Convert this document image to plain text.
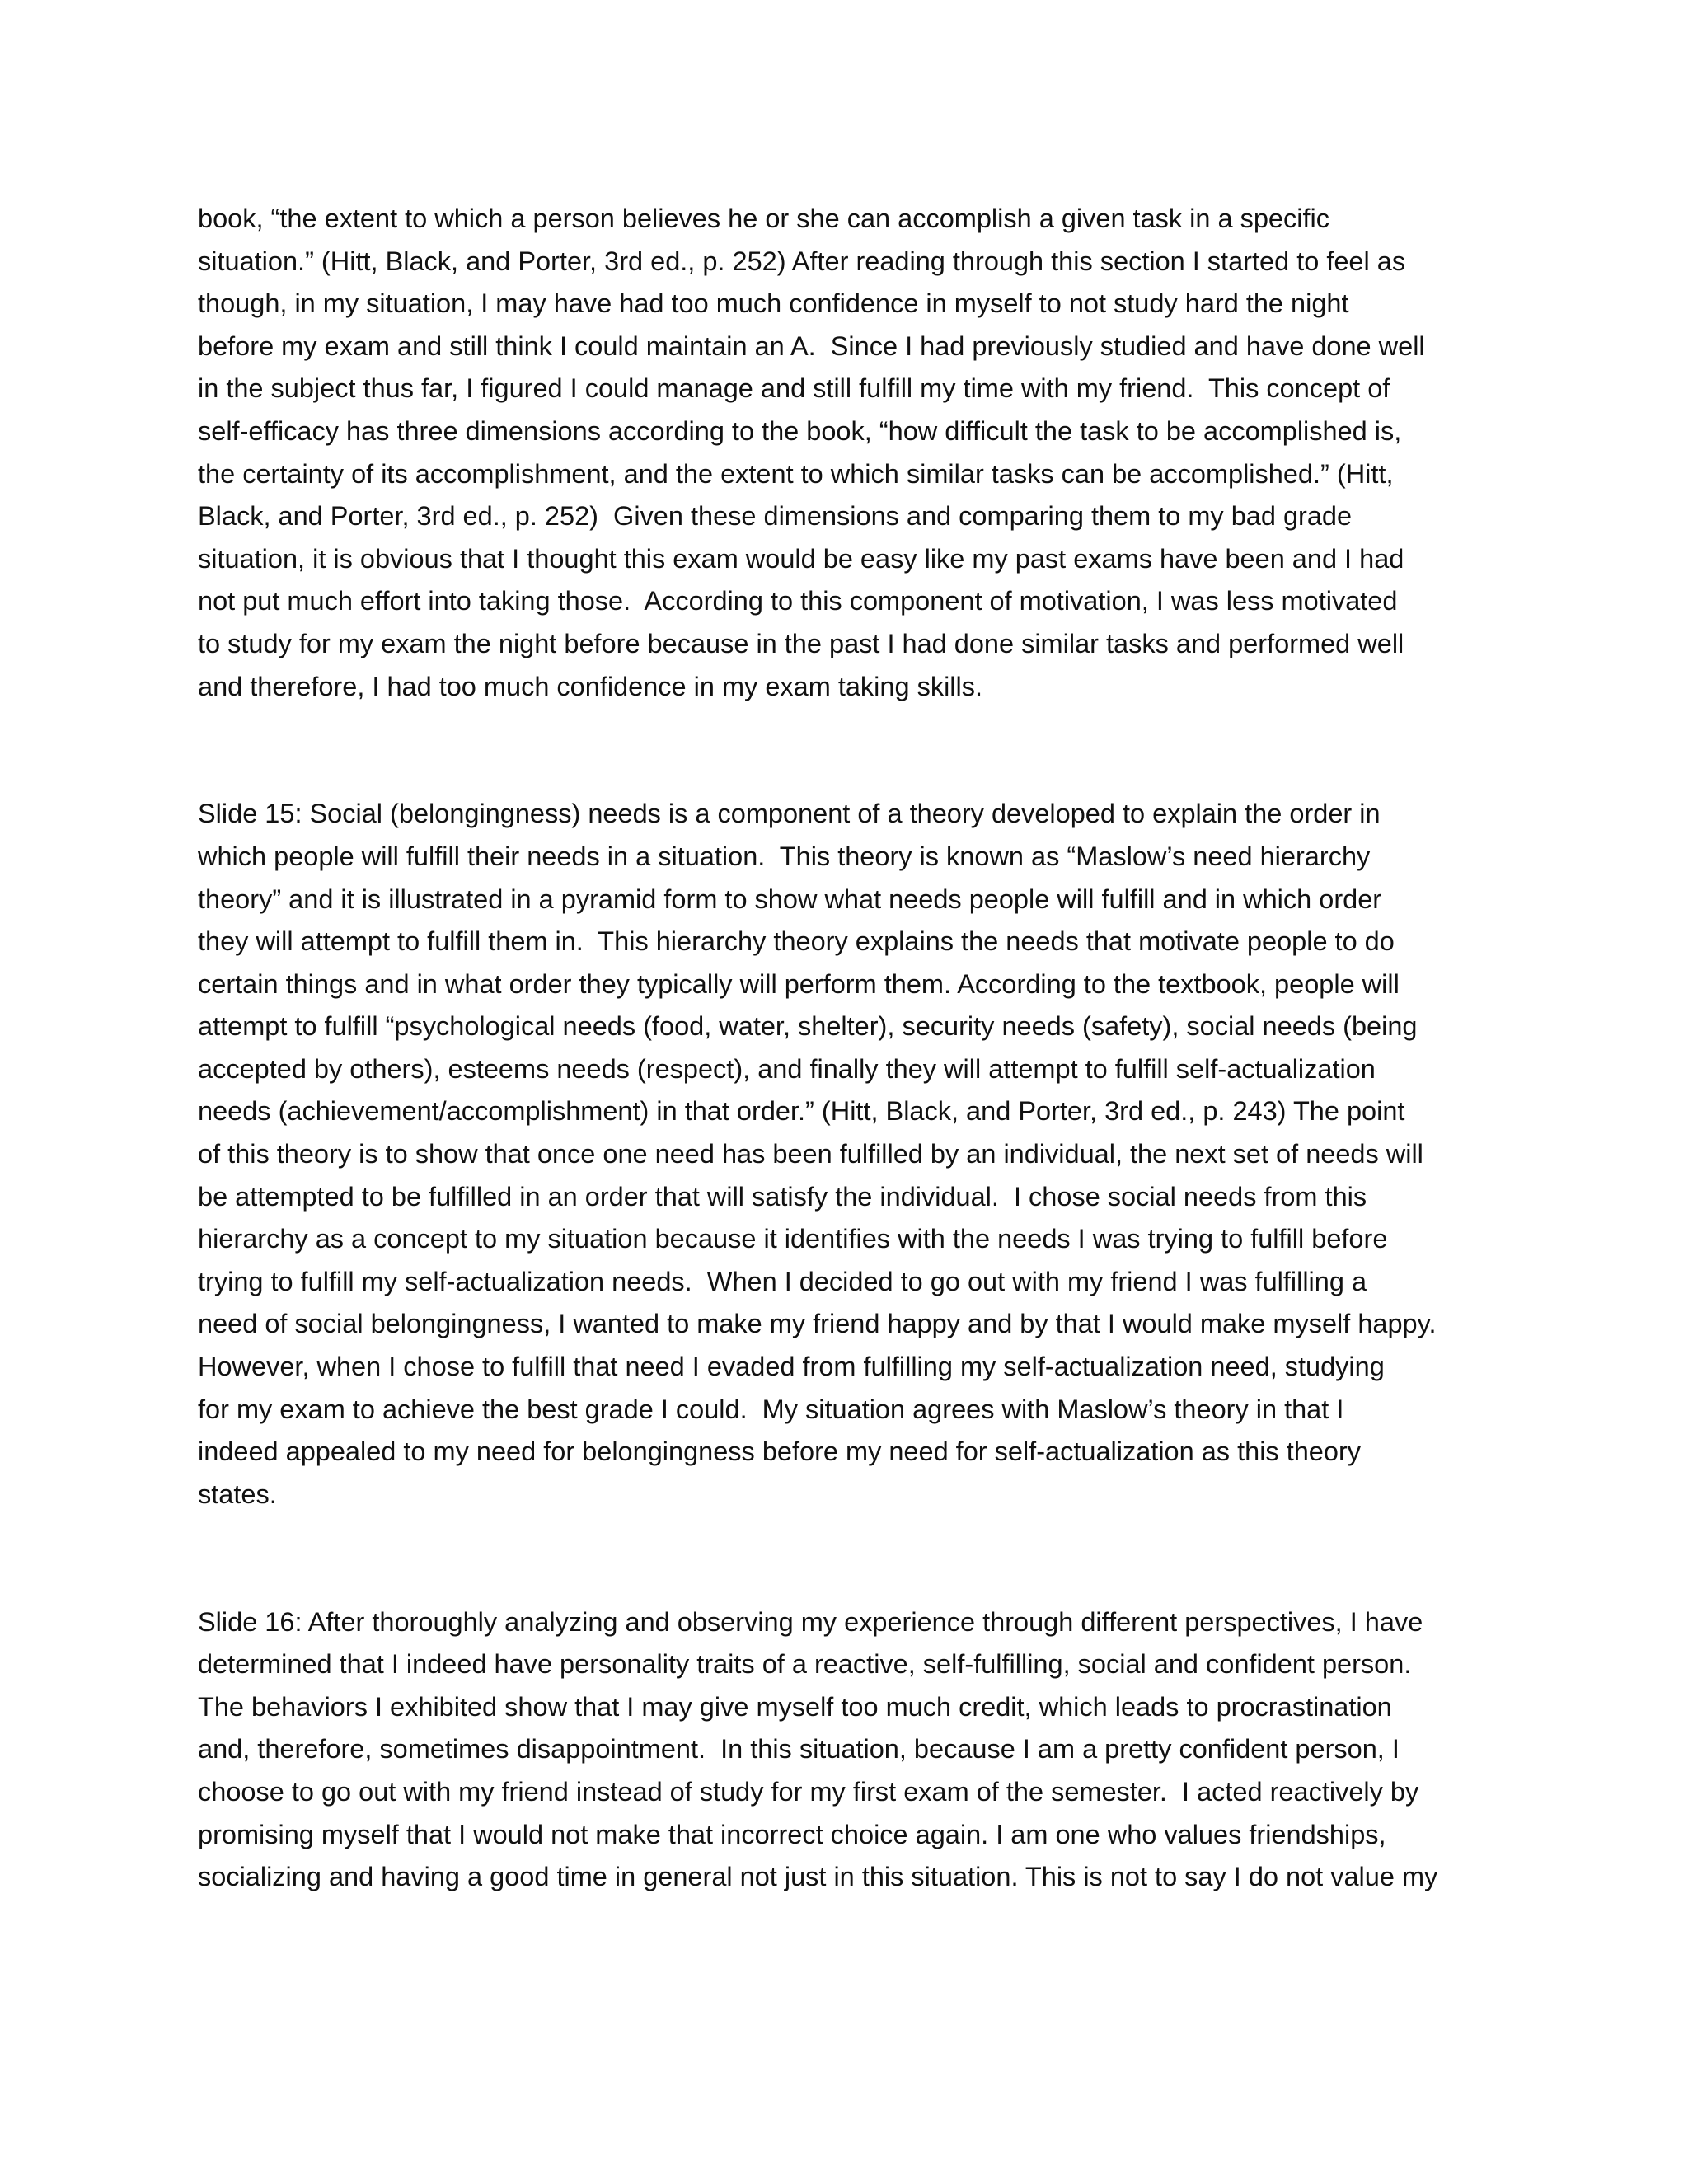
book, “the extent to which a person believes he or she can accomplish a given task in a specific
situation.” (Hitt, Black, and Porter, 3rd ed., p. 252) After reading through this section I started to feel as
though, in my situation, I may have had too much confidence in myself to not study hard the night
before my exam and still think I could maintain an A.  Since I had previously studied and have done well
in the subject thus far, I figured I could manage and still fulfill my time with my friend.  This concept of
self-efficacy has three dimensions according to the book, “how difficult the task to be accomplished is,
the certainty of its accomplishment, and the extent to which similar tasks can be accomplished.” (Hitt,
Black, and Porter, 3rd ed., p. 252)  Given these dimensions and comparing them to my bad grade
situation, it is obvious that I thought this exam would be easy like my past exams have been and I had
not put much effort into taking those.  According to this component of motivation, I was less motivated
to study for my exam the night before because in the past I had done similar tasks and performed well
and therefore, I had too much confidence in my exam taking skills.
Slide 15: Social (belongingness) needs is a component of a theory developed to explain the order in
which people will fulfill their needs in a situation.  This theory is known as “Maslow’s need hierarchy
theory” and it is illustrated in a pyramid form to show what needs people will fulfill and in which order
they will attempt to fulfill them in.  This hierarchy theory explains the needs that motivate people to do
certain things and in what order they typically will perform them. According to the textbook, people will
attempt to fulfill “psychological needs (food, water, shelter), security needs (safety), social needs (being
accepted by others), esteems needs (respect), and finally they will attempt to fulfill self-actualization
needs (achievement/accomplishment) in that order.” (Hitt, Black, and Porter, 3rd ed., p. 243) The point
of this theory is to show that once one need has been fulfilled by an individual, the next set of needs will
be attempted to be fulfilled in an order that will satisfy the individual.  I chose social needs from this
hierarchy as a concept to my situation because it identifies with the needs I was trying to fulfill before
trying to fulfill my self-actualization needs.  When I decided to go out with my friend I was fulfilling a
need of social belongingness, I wanted to make my friend happy and by that I would make myself happy.
However, when I chose to fulfill that need I evaded from fulfilling my self-actualization need, studying
for my exam to achieve the best grade I could.  My situation agrees with Maslow’s theory in that I
indeed appealed to my need for belongingness before my need for self-actualization as this theory
states.
Slide 16: After thoroughly analyzing and observing my experience through different perspectives, I have
determined that I indeed have personality traits of a reactive, self-fulfilling, social and confident person.
The behaviors I exhibited show that I may give myself too much credit, which leads to procrastination
and, therefore, sometimes disappointment.  In this situation, because I am a pretty confident person, I
choose to go out with my friend instead of study for my first exam of the semester.  I acted reactively by
promising myself that I would not make that incorrect choice again. I am one who values friendships,
socializing and having a good time in general not just in this situation. This is not to say I do not value my
